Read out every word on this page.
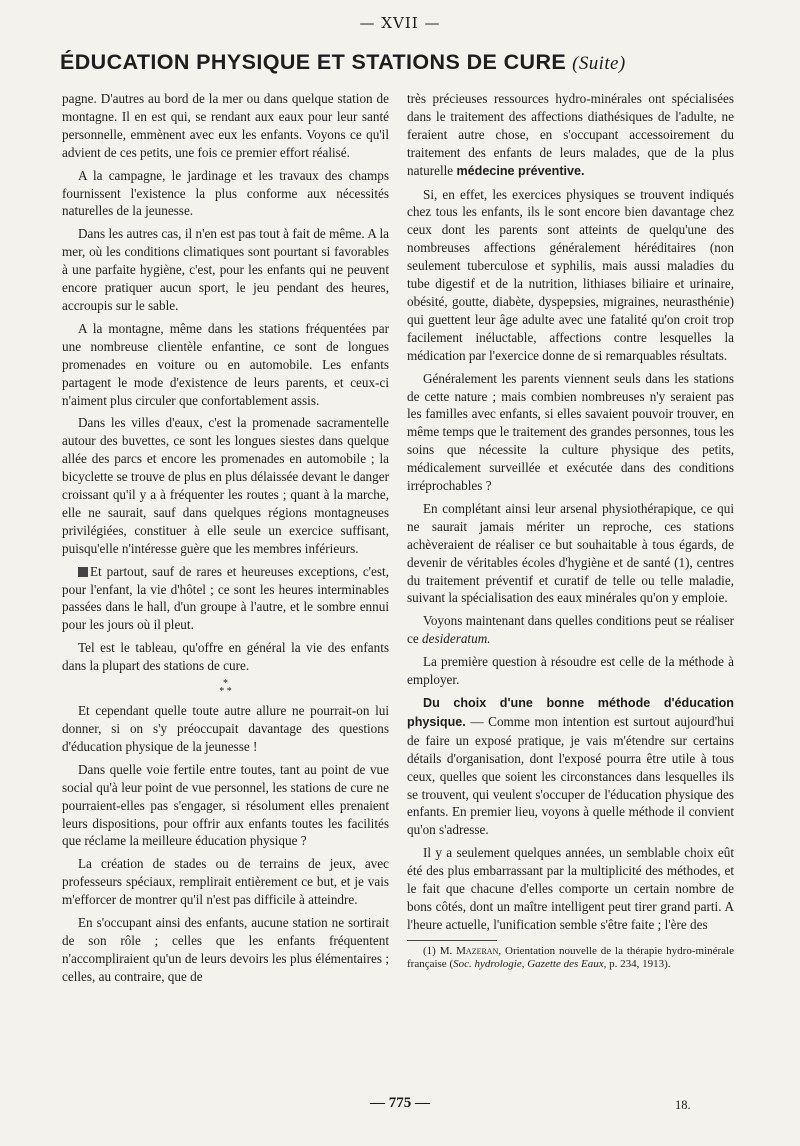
— XVII —
ÉDUCATION PHYSIQUE ET STATIONS DE CURE (Suite)

pagne. D'autres au bord de la mer ou dans quelque station de montagne. Il en est qui, se rendant aux eaux pour leur santé personnelle, emmènent avec eux les enfants. Voyons ce qu'il advient de ces petits, une fois ce premier effort réalisé.

A la campagne, le jardinage et les travaux des champs fournissent l'existence la plus conforme aux nécessités naturelles de la jeunesse.

Dans les autres cas, il n'en est pas tout à fait de même. A la mer, où les conditions climatiques sont pourtant si favorables à une parfaite hygiène, c'est, pour les enfants qui ne peuvent encore pratiquer aucun sport, le jeu pendant des heures, accroupis sur le sable.

A la montagne, même dans les stations fréquentées par une nombreuse clientèle enfantine, ce sont de longues promenades en voiture ou en automobile. Les enfants partagent le mode d'existence de leurs parents, et ceux-ci n'aiment plus circuler que confortablement assis.

Dans les villes d'eaux, c'est la promenade sacramentelle autour des buvettes, ce sont les longues siestes dans quelque allée des parcs et encore les promenades en automobile ; la bicyclette se trouve de plus en plus délaissée devant le danger croissant qu'il y a à fréquenter les routes ; quant à la marche, elle ne saurait, sauf dans quelques régions montagneuses privilégiées, constituer à elle seule un exercice suffisant, puisqu'elle n'intéresse guère que les membres inférieurs.

Et partout, sauf de rares et heureuses exceptions, c'est, pour l'enfant, la vie d'hôtel ; ce sont les heures interminables passées dans le hall, d'un groupe à l'autre, et le sombre ennui pour les jours où il pleut.

Tel est le tableau, qu'offre en général la vie des enfants dans la plupart des stations de cure.

*
* *

Et cependant quelle toute autre allure ne pourrait-on lui donner, si on s'y préoccupait davantage des questions d'éducation physique de la jeunesse !

Dans quelle voie fertile entre toutes, tant au point de vue social qu'à leur point de vue personnel, les stations de cure ne pourraient-elles pas s'engager, si résolument elles prenaient leurs dispositions, pour offrir aux enfants toutes les facilités que réclame la meilleure éducation physique ?

La création de stades ou de terrains de jeux, avec professeurs spéciaux, remplirait entièrement ce but, et je vais m'efforcer de montrer qu'il n'est pas difficile à atteindre.

En s'occupant ainsi des enfants, aucune station ne sortirait de son rôle ; celles que les enfants fréquentent n'accompliraient qu'un de leurs devoirs les plus élémentaires ; celles, au contraire, que de

très précieuses ressources hydro-minérales ont spécialisées dans le traitement des affections diathésiques de l'adulte, ne feraient autre chose, en s'occupant accessoirement du traitement des enfants de leurs malades, que de la plus naturelle médecine préventive.

Si, en effet, les exercices physiques se trouvent indiqués chez tous les enfants, ils le sont encore bien davantage chez ceux dont les parents sont atteints de quelqu'une des nombreuses affections généralement héréditaires (non seulement tuberculose et syphilis, mais aussi maladies du tube digestif et de la nutrition, lithiases biliaire et urinaire, obésité, goutte, diabète, dyspepsies, migraines, neurasthénie) qui guettent leur âge adulte avec une fatalité qu'on croit trop facilement inéluctable, affections contre lesquelles la médication par l'exercice donne de si remarquables résultats.

Généralement les parents viennent seuls dans les stations de cette nature ; mais combien nombreuses n'y seraient pas les familles avec enfants, si elles savaient pouvoir trouver, en même temps que le traitement des grandes personnes, tous les soins que nécessite la culture physique des petits, médicalement surveillée et exécutée dans des conditions irréprochables ?

En complétant ainsi leur arsenal physiothérapique, ce qui ne saurait jamais mériter un reproche, ces stations achèveraient de réaliser ce but souhaitable à tous égards, de devenir de véritables écoles d'hygiène et de santé (1), centres du traitement préventif et curatif de telle ou telle maladie, suivant la spécialisation des eaux minérales qu'on y emploie.

Voyons maintenant dans quelles conditions peut se réaliser ce desideratum.

La première question à résoudre est celle de la méthode à employer.

Du choix d'une bonne méthode d'éducation physique. — Comme mon intention est surtout aujourd'hui de faire un exposé pratique, je vais m'étendre sur certains détails d'organisation, dont l'exposé pourra être utile à tous ceux, quelles que soient les circonstances dans lesquelles ils se trouvent, qui veulent s'occuper de l'éducation physique des enfants. En premier lieu, voyons à quelle méthode il convient qu'on s'adresse.

Il y a seulement quelques années, un semblable choix eût été des plus embarrassant par la multiplicité des méthodes, et le fait que chacune d'elles comporte un certain nombre de bons côtés, dont un maître intelligent peut tirer grand parti. A l'heure actuelle, l'unification semble s'être faite ; l'ère des

(1) M. Mazeran, Orientation nouvelle de la thérapie hydro-minérale française (Soc. hydrologie, Gazette des Eaux, p. 234, 1913).

— 775 —	18.
